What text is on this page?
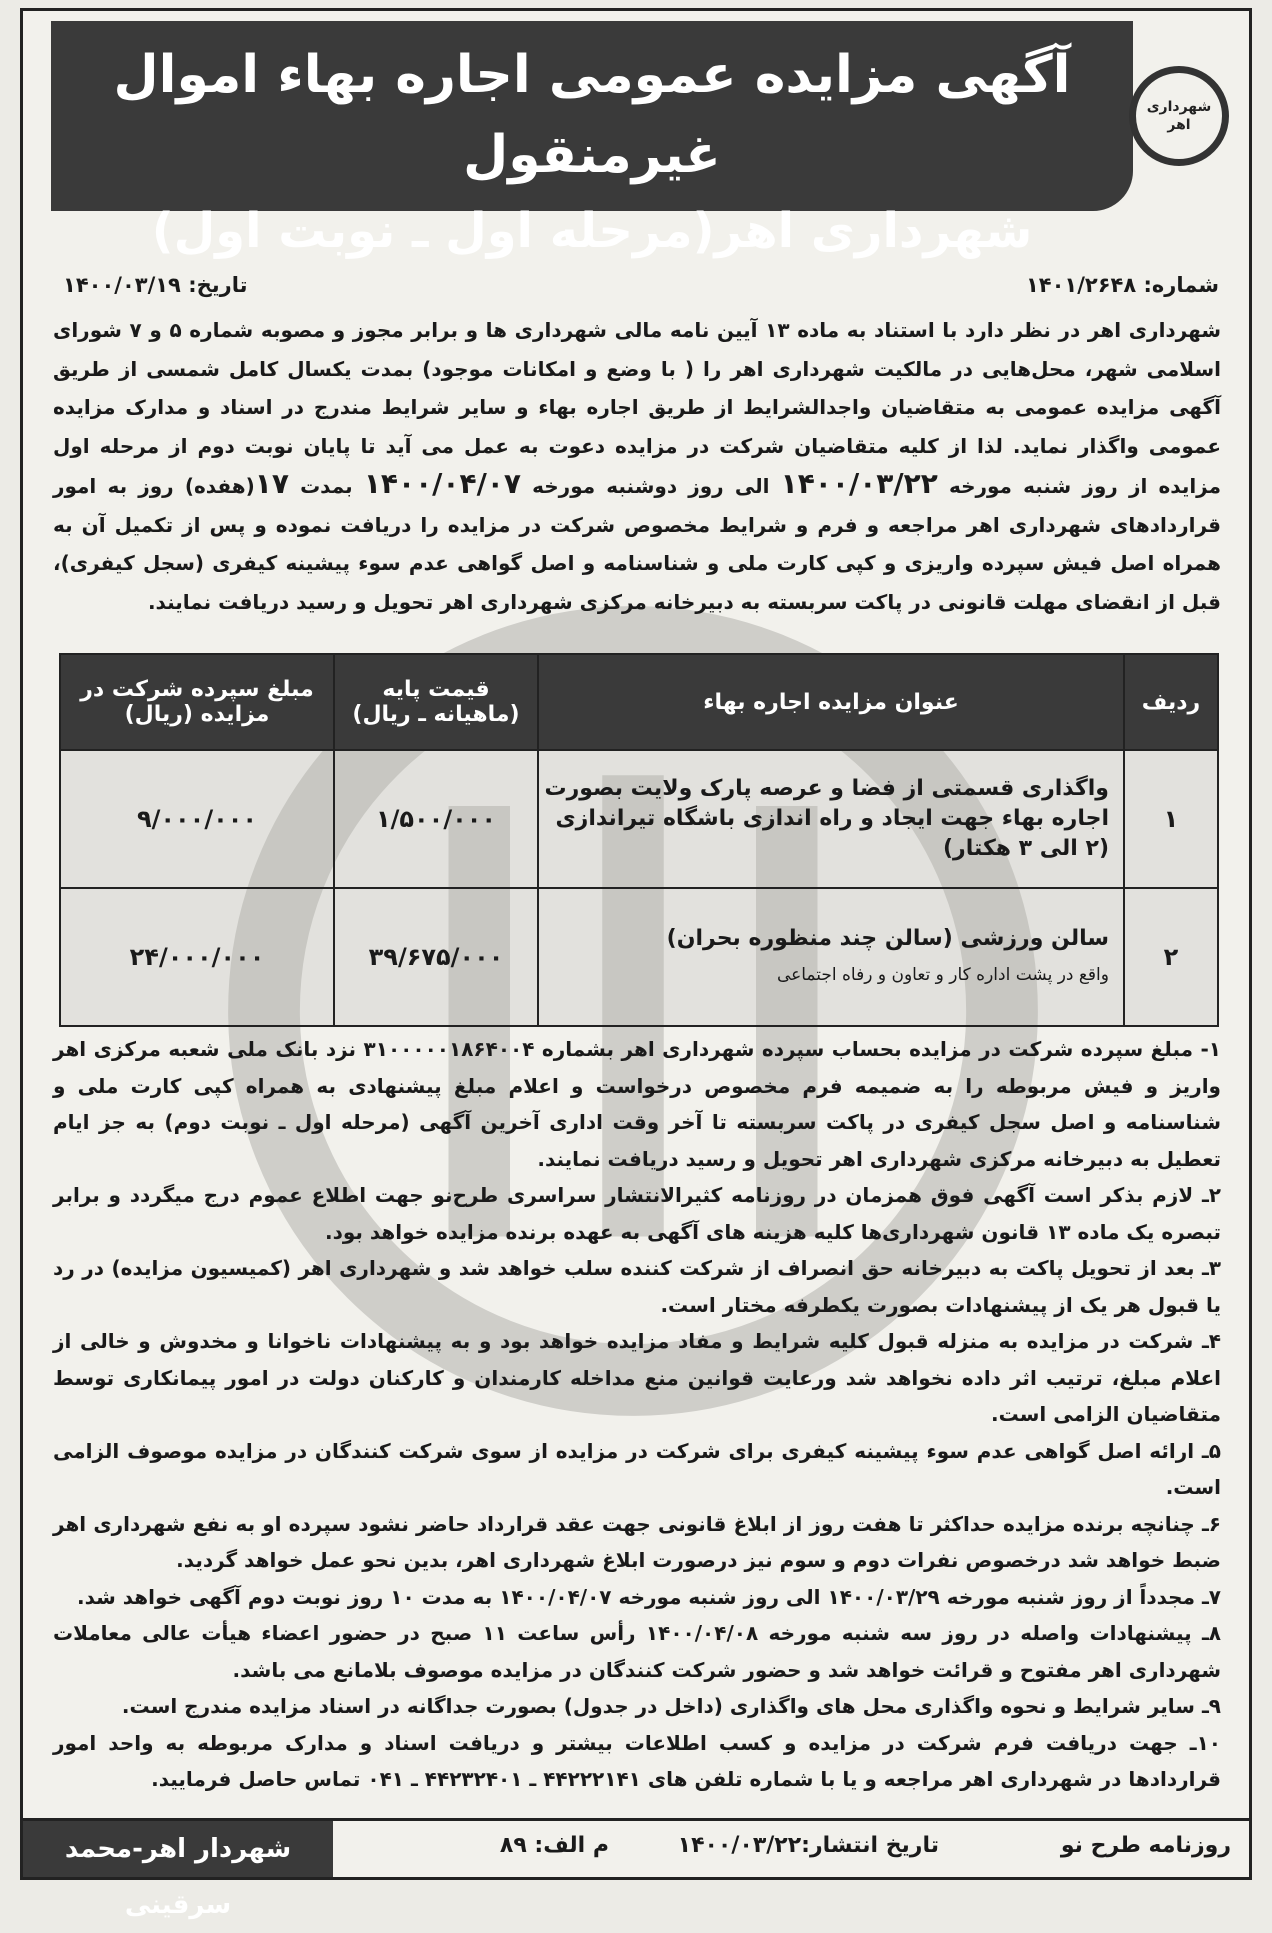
آگهی مزایده عمومی اجاره بهاء اموال غیرمنقول
شهرداری اهر(مرحله اول ـ نوبت اول)
شهرداری اهر
شماره: ۱۴۰۱/۲۶۴۸
تاریخ: ۱۴۰۰/۰۳/۱۹
شهرداری اهر در نظر دارد با استناد به ماده ۱۳ آیین نامه مالی شهرداری ها و برابر مجوز و مصوبه شماره ۵ و ۷ شورای اسلامی شهر، محل‌هایی در مالکیت شهرداری اهر را ( با وضع و امکانات موجود) بمدت یکسال کامل شمسی از طریق آگهی مزایده عمومی به متقاضیان واجدالشرایط از طریق اجاره بهاء و سایر شرایط مندرج در اسناد و مدارک مزایده عمومی واگذار نماید. لذا از کلیه متقاضیان شرکت در مزایده دعوت به عمل می آید تا پایان نوبت دوم از مرحله اول مزایده از روز شنبه مورخه ۱۴۰۰/۰۳/۲۲ الی روز دوشنبه مورخه ۱۴۰۰/۰۴/۰۷ بمدت ۱۷(هفده) روز به امور قراردادهای شهرداری اهر مراجعه و فرم و شرایط مخصوص شرکت در مزایده را دریافت نموده و پس از تکمیل آن به همراه اصل فیش سپرده واریزی و کپی کارت ملی و شناسنامه و اصل گواهی عدم سوء پیشینه کیفری (سجل کیفری)، قبل از انقضای مهلت قانونی در پاکت سربسته به دبیرخانه مرکزی شهرداری اهر تحویل و رسید دریافت نمایند.
ردیف	عنوان مزایده اجاره بهاء	قیمت پایه (ماهیانه ـ ریال)	مبلغ سپرده شرکت در مزایده (ریال)
۱	واگذاری قسمتی از فضا و عرصه پارک ولایت بصورت اجاره بهاء جهت ایجاد و راه اندازی باشگاه تیراندازی (۲ الی ۳ هکتار)	۱/۵۰۰/۰۰۰	۹/۰۰۰/۰۰۰
۲	سالن ورزشی (سالن چند منظوره بحران)
واقع در پشت اداره کار و تعاون و رفاه اجتماعی	۳۹/۶۷۵/۰۰۰	۲۴/۰۰۰/۰۰۰

۱- مبلغ سپرده شرکت در مزایده بحساب سپرده شهرداری اهر بشماره ۳۱۰۰۰۰۰۱۸۶۴۰۰۴ نزد بانک ملی شعبه مرکزی اهر واریز و فیش مربوطه را به ضمیمه فرم مخصوص درخواست و اعلام مبلغ پیشنهادی به همراه کپی کارت ملی و شناسنامه و اصل سجل کیفری در پاکت سربسته تا آخر وقت اداری آخرین آگهی (مرحله اول ـ نوبت دوم) به جز ایام تعطیل به دبیرخانه مرکزی شهرداری اهر تحویل و رسید دریافت نمایند.

۲ـ لازم بذکر است آگهی فوق همزمان در روزنامه کثیرالانتشار سراسری طرح‌نو جهت اطلاع عموم درج میگردد و برابر تبصره یک ماده ۱۳ قانون شهرداری‌ها کلیه هزینه های آگهی به عهده برنده مزایده خواهد بود.

۳ـ بعد از تحویل پاکت به دبیرخانه حق انصراف از شرکت کننده سلب خواهد شد و شهرداری اهر (کمیسیون مزایده) در رد یا قبول هر یک از پیشنهادات بصورت یکطرفه مختار است.

۴ـ شرکت در مزایده به منزله قبول کلیه شرایط و مفاد مزایده خواهد بود و به پیشنهادات ناخوانا و مخدوش و خالی از اعلام مبلغ، ترتیب اثر داده نخواهد شد ورعایت قوانین منع مداخله کارمندان و کارکنان دولت در امور پیمانکاری توسط متقاضیان الزامی است.

۵ـ ارائه اصل گواهی عدم سوء پیشینه کیفری برای شرکت در مزایده از سوی شرکت کنندگان در مزایده موصوف الزامی است.

۶ـ چنانچه برنده مزایده حداکثر تا هفت روز از ابلاغ قانونی جهت عقد قرارداد حاضر نشود سپرده او به نفع شهرداری اهر ضبط خواهد شد درخصوص نفرات دوم و سوم نیز درصورت ابلاغ شهرداری اهر، بدین نحو عمل خواهد گردید.

۷ـ مجدداً از روز شنبه مورخه ۱۴۰۰/۰۳/۲۹ الی روز شنبه مورخه ۱۴۰۰/۰۴/۰۷ به مدت ۱۰ روز نوبت دوم آگهی خواهد شد.

۸ـ پیشنهادات واصله در روز سه شنبه مورخه ۱۴۰۰/۰۴/۰۸ رأس ساعت ۱۱ صبح در حضور اعضاء هیأت عالی معاملات شهرداری اهر مفتوح و قرائت خواهد شد و حضور شرکت کنندگان در مزایده موصوف بلامانع می باشد.

۹ـ سایر شرایط و نحوه واگذاری محل های واگذاری (داخل در جدول) بصورت جداگانه در اسناد مزایده مندرج است.

۱۰ـ جهت دریافت فرم شرکت در مزایده و کسب اطلاعات بیشتر و دریافت اسناد و مدارک مربوطه به واحد امور قراردادها در شهرداری اهر مراجعه و یا با شماره تلفن های ۴۴۲۲۲۱۴۱ ـ ۴۴۲۳۲۴۰۱ ـ ۰۴۱ تماس حاصل فرمایید.

روزنامه طرح نو
تاریخ انتشار:۱۴۰۰/۰۳/۲۲
م الف: ۸۹
شهردار اهر-محمد سرقینی
